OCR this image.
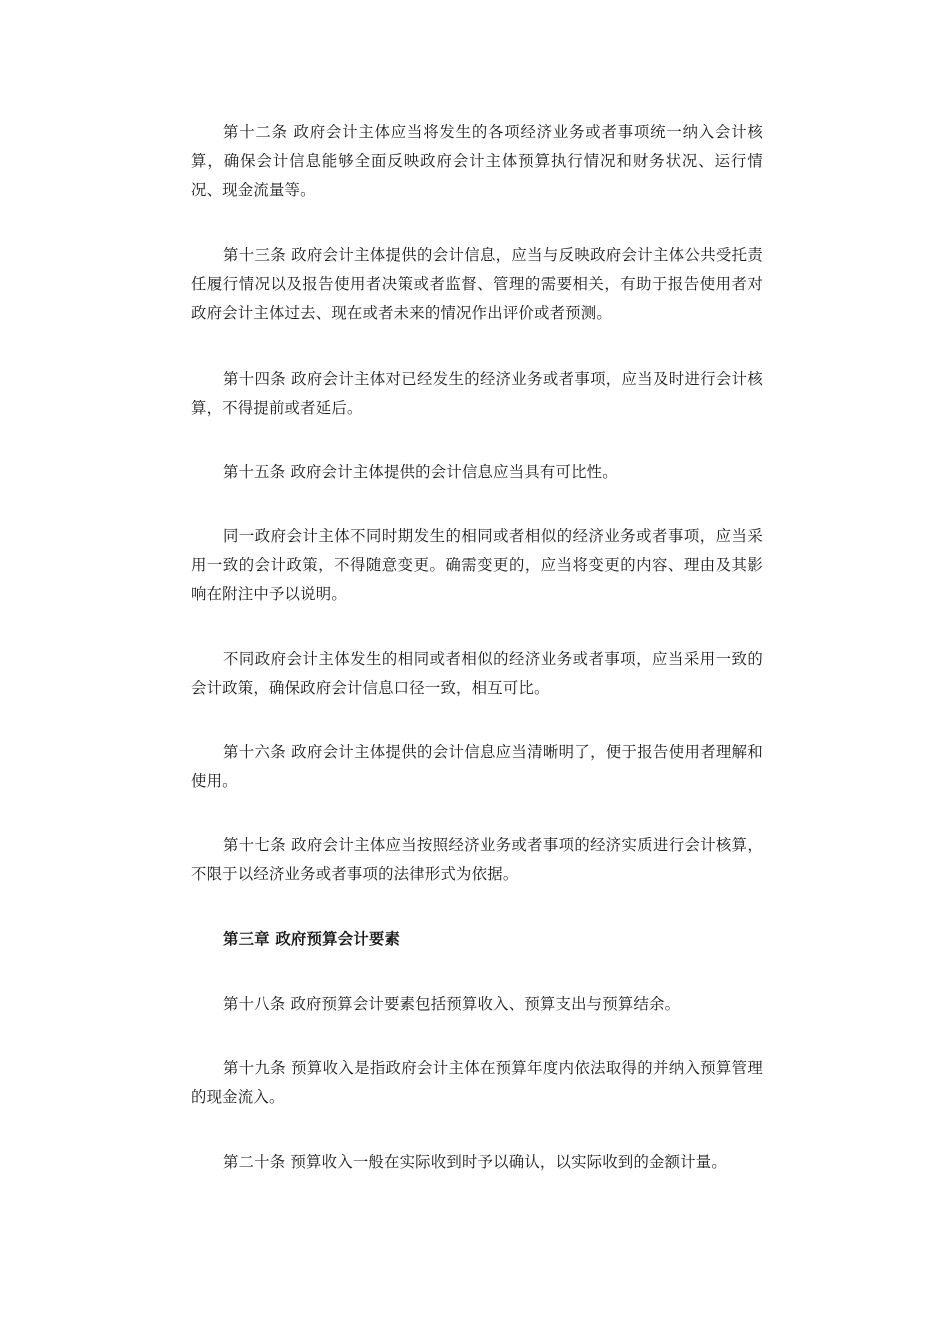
第十二条 政府会计主体应当将发生的各项经济业务或者事项统一纳入会计核算，确保会计信息能够全面反映政府会计主体预算执行情况和财务状况、运行情况、现金流量等。

第十三条 政府会计主体提供的会计信息，应当与反映政府会计主体公共受托责任履行情况以及报告使用者决策或者监督、管理的需要相关，有助于报告使用者对政府会计主体过去、现在或者未来的情况作出评价或者预测。

第十四条 政府会计主体对已经发生的经济业务或者事项，应当及时进行会计核算，不得提前或者延后。

第十五条 政府会计主体提供的会计信息应当具有可比性。

同一政府会计主体不同时期发生的相同或者相似的经济业务或者事项，应当采用一致的会计政策，不得随意变更。确需变更的，应当将变更的内容、理由及其影响在附注中予以说明。

不同政府会计主体发生的相同或者相似的经济业务或者事项，应当采用一致的会计政策，确保政府会计信息口径一致，相互可比。

第十六条 政府会计主体提供的会计信息应当清晰明了，便于报告使用者理解和使用。

第十七条 政府会计主体应当按照经济业务或者事项的经济实质进行会计核算，不限于以经济业务或者事项的法律形式为依据。

第三章 政府预算会计要素

第十八条 政府预算会计要素包括预算收入、预算支出与预算结余。

第十九条 预算收入是指政府会计主体在预算年度内依法取得的并纳入预算管理的现金流入。

第二十条 预算收入一般在实际收到时予以确认，以实际收到的金额计量。
